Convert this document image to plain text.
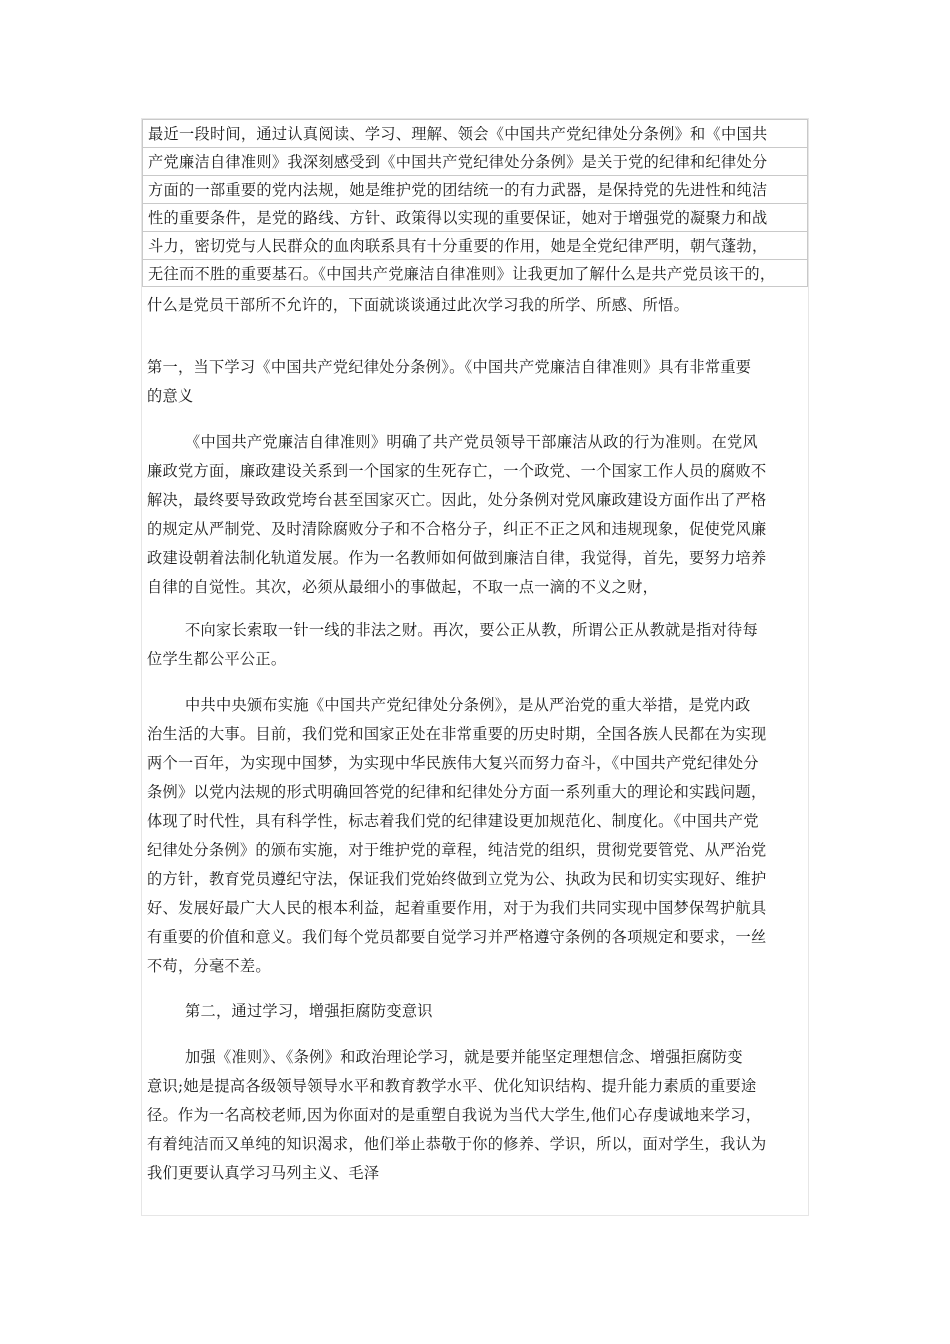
最近一段时间，通过认真阅读、学习、理解、领会《中国共产党纪律处分条例》和《中国共
产党廉洁自律准则》我深刻感受到《中国共产党纪律处分条例》是关于党的纪律和纪律处分
方面的一部重要的党内法规，她是维护党的团结统一的有力武器，是保持党的先进性和纯洁
性的重要条件，是党的路线、方针、政策得以实现的重要保证，她对于增强党的凝聚力和战
斗力，密切党与人民群众的血肉联系具有十分重要的作用，她是全党纪律严明，朝气蓬勃，
无往而不胜的重要基石。《中国共产党廉洁自律准则》让我更加了解什么是共产党员该干的，
什么是党员干部所不允许的，下面就谈谈通过此次学习我的所学、所感、所悟。
第一，当下学习《中国共产党纪律处分条例》。《中国共产党廉洁自律准则》具有非常重要
的意义
《中国共产党廉洁自律准则》明确了共产党员领导干部廉洁从政的行为准则。在党风
廉政党方面，廉政建设关系到一个国家的生死存亡，一个政党、一个国家工作人员的腐败不
解决，最终要导致政党垮台甚至国家灭亡。因此，处分条例对党风廉政建设方面作出了严格
的规定从严制党、及时清除腐败分子和不合格分子，纠正不正之风和违规现象，促使党风廉
政建设朝着法制化轨道发展。作为一名教师如何做到廉洁自律，我觉得，首先，要努力培养
自律的自觉性。其次，必须从最细小的事做起，不取一点一滴的不义之财，
不向家长索取一针一线的非法之财。再次，要公正从教，所谓公正从教就是指对待每
位学生都公平公正。
中共中央颁布实施《中国共产党纪律处分条例》，是从严治党的重大举措，是党内政
治生活的大事。目前，我们党和国家正处在非常重要的历史时期，全国各族人民都在为实现
两个一百年，为实现中国梦，为实现中华民族伟大复兴而努力奋斗，《中国共产党纪律处分
条例》以党内法规的形式明确回答党的纪律和纪律处分方面一系列重大的理论和实践问题，
体现了时代性，具有科学性，标志着我们党的纪律建设更加规范化、制度化。《中国共产党
纪律处分条例》的颁布实施，对于维护党的章程，纯洁党的组织，贯彻党要管党、从严治党
的方针，教育党员遵纪守法，保证我们党始终做到立党为公、执政为民和切实实现好、维护
好、发展好最广大人民的根本利益，起着重要作用，对于为我们共同实现中国梦保驾护航具
有重要的价值和意义。我们每个党员都要自觉学习并严格遵守条例的各项规定和要求，一丝
不苟，分毫不差。
第二，通过学习，增强拒腐防变意识
加强《准则》、《条例》和政治理论学习，就是要并能坚定理想信念、增强拒腐防变
意识;她是提高各级领导领导水平和教育教学水平、优化知识结构、提升能力素质的重要途
径。作为一名高校老师,因为你面对的是重塑自我说为当代大学生,他们心存虔诚地来学习，
有着纯洁而又单纯的知识渴求，他们举止恭敬于你的修养、学识，所以，面对学生，我认为
我们更要认真学习马列主义、毛泽
